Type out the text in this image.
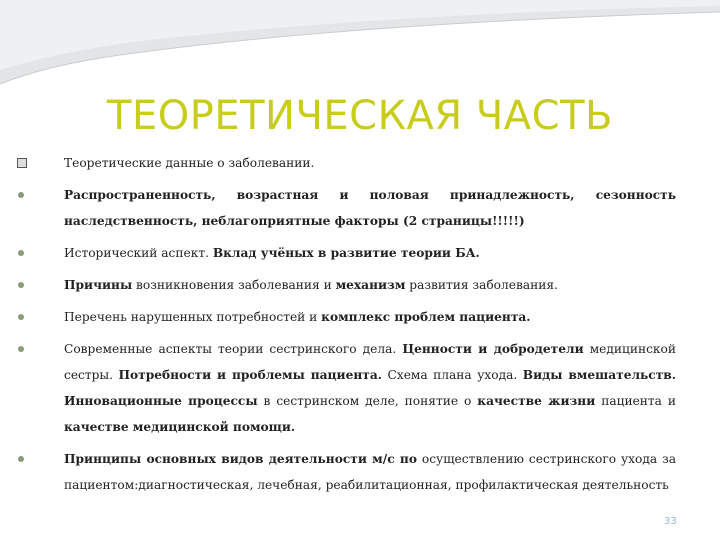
ТЕОРЕТИЧЕСКАЯ ЧАСТЬ
Теоретические данные о заболевании.
Распространенность, возрастная и половая принадлежность, сезонность
наследственность, неблагоприятные факторы (2 страницы!!!!!)
Исторический аспект. Вклад учёных в развитие теории БА.
Причины возникновения заболевания и механизм развития заболевания.
Перечень нарушенных потребностей и комплекс проблем пациента.
Современные аспекты теории сестринского дела. Ценности и добродетели медицинской сестры. Потребности и проблемы пациента. Схема плана ухода. Виды вмешательств. Инновационные процессы в сестринском деле, понятие о качестве жизни пациента и качестве медицинской помощи.
Принципы основных видов деятельности м/с по осуществлению сестринского ухода за пациентом:диагностическая, лечебная, реабилитационная, профилактическая деятельность
33
